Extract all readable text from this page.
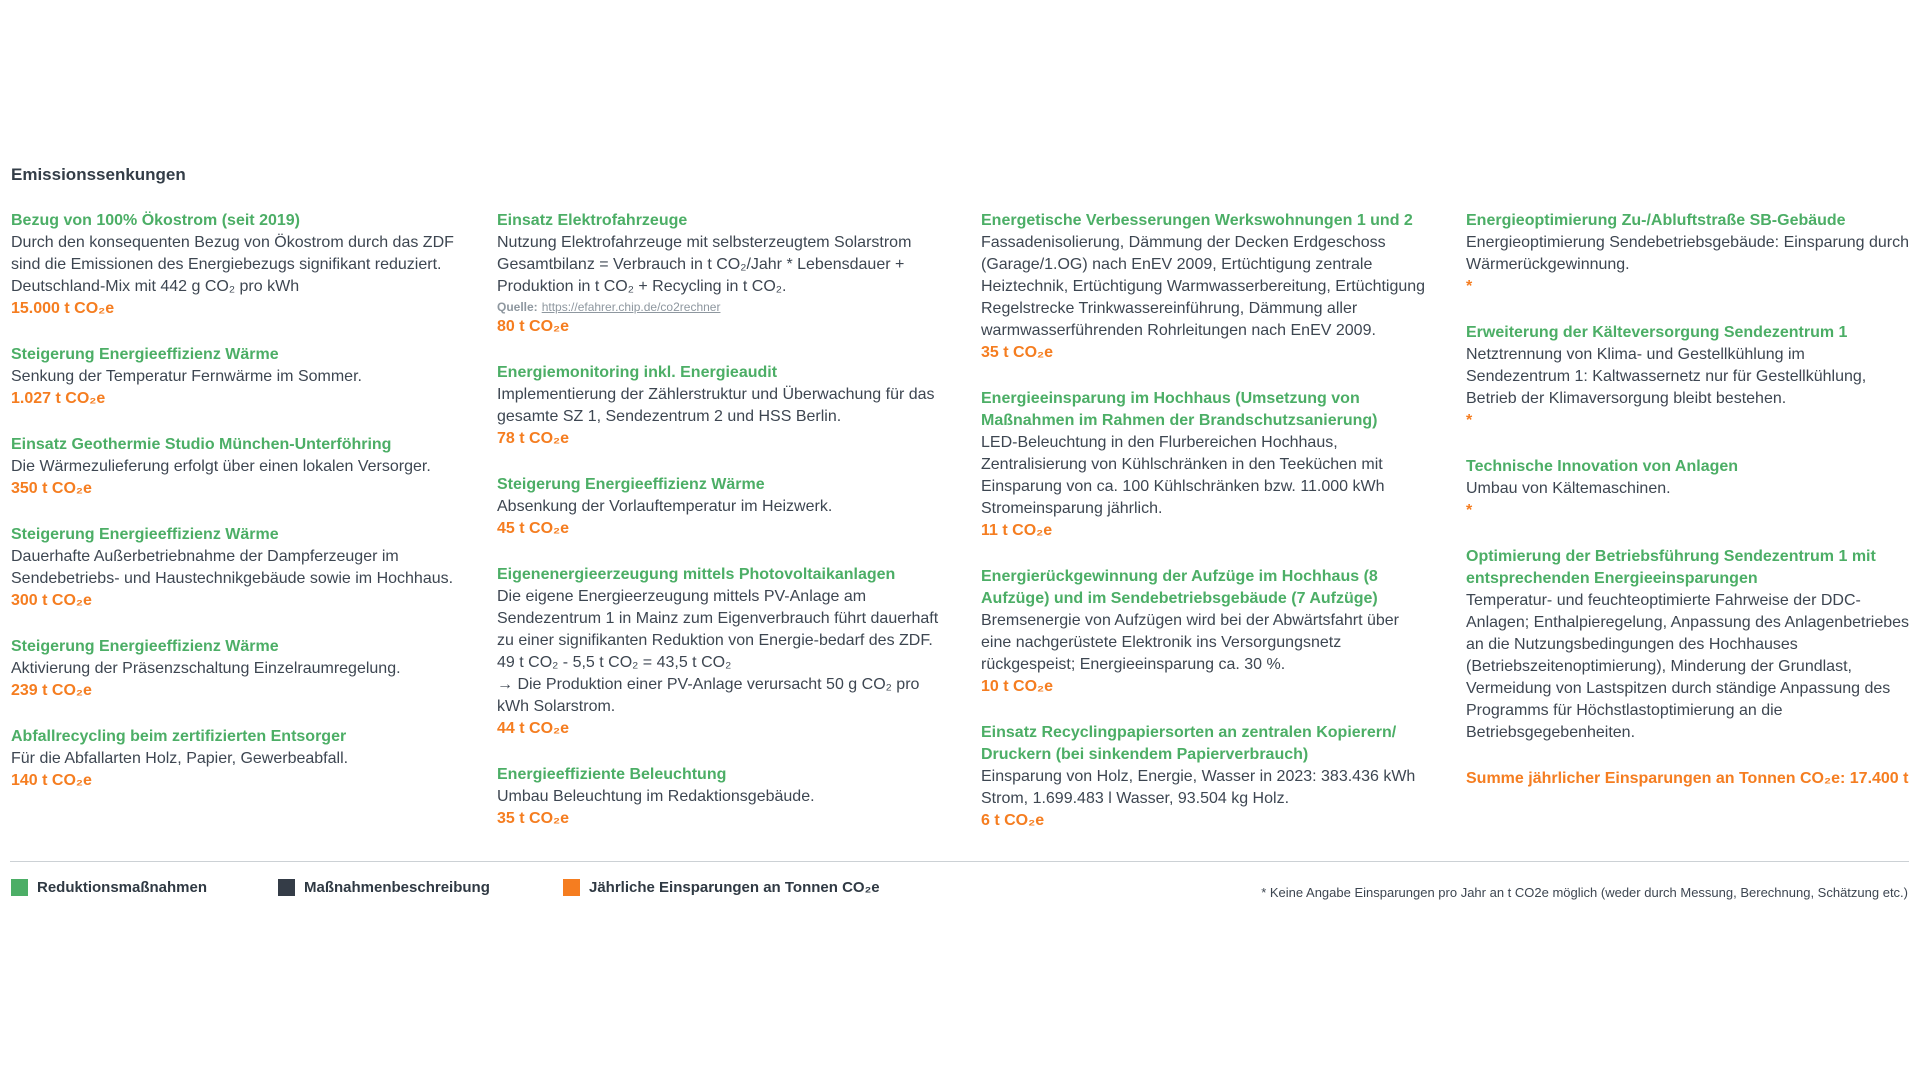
Emissionssenkungen

Bezug von 100% Ökostrom (seit 2019)

Durch den konsequenten Bezug von Ökostrom durch das ZDF sind die Emissionen des Energiebezugs signifikant reduziert. Deutschland-Mix mit 442 g CO₂ pro kWh

15.000 t CO₂e

Steigerung Energieeffizienz Wärme

Senkung der Temperatur Fernwärme im Sommer.

1.027 t CO₂e

Einsatz Geothermie Studio München-Unterföhring

Die Wärmezulieferung erfolgt über einen lokalen Versorger.

350 t CO₂e

Steigerung Energieeffizienz Wärme

Dauerhafte Außerbetriebnahme der Dampferzeuger im Sendebetriebs- und Haustechnikgebäude sowie im Hochhaus.

300 t CO₂e

Steigerung Energieeffizienz Wärme

Aktivierung der Präsenzschaltung Einzelraumregelung.

239 t CO₂e

Abfallrecycling beim zertifizierten Entsorger

Für die Abfallarten Holz, Papier, Gewerbeabfall.

140 t CO₂e

Einsatz Elektrofahrzeuge

Nutzung Elektrofahrzeuge mit selbsterzeugtem Solarstrom Gesamtbilanz = Verbrauch in t CO₂/Jahr * Lebensdauer + Produktion in t CO₂ + Recycling in t CO₂.

Quelle: https://efahrer.chip.de/co2rechner

80 t CO₂e

Energiemonitoring inkl. Energieaudit

Implementierung der Zählerstruktur und Überwachung für das gesamte SZ 1, Sendezentrum 2 und HSS Berlin.

78 t CO₂e

Steigerung Energieeffizienz Wärme

Absenkung der Vorlauftemperatur im Heizwerk.

45 t CO₂e

Eigenenergieerzeugung mittels Photovoltaikanlagen

Die eigene Energieerzeugung mittels PV-Anlage am Sendezentrum 1 in Mainz zum Eigenverbrauch führt dauerhaft zu einer signifikanten Reduktion von Energie-bedarf des ZDF. 49 t CO₂ - 5,5 t CO₂ = 43,5 t CO₂

→ Die Produktion einer PV-Anlage verursacht 50 g CO₂ pro kWh Solarstrom.

44 t CO₂e

Energieeffiziente Beleuchtung

Umbau Beleuchtung im Redaktionsgebäude.

35 t CO₂e

Energetische Verbesserungen Werkswohnungen 1 und 2

Fassadenisolierung, Dämmung der Decken Erdgeschoss (Garage/1.OG) nach EnEV 2009, Ertüchtigung zentrale Heiztechnik, Ertüchtigung Warmwasserbereitung, Ertüchtigung Regelstrecke Trinkwassereinführung, Dämmung aller warmwasserführenden Rohrleitungen nach EnEV 2009.

35 t CO₂e

Energieeinsparung im Hochhaus (Umsetzung von Maßnahmen im Rahmen der Brandschutzsanierung)

LED-Beleuchtung in den Flurbereichen Hochhaus, Zentralisierung von Kühlschränken in den Teeküchen mit Einsparung von ca. 100 Kühlschränken bzw. 11.000 kWh Stromeinsparung jährlich.

11 t CO₂e

Energierückgewinnung der Aufzüge im Hochhaus (8 Aufzüge) und im Sendebetriebsgebäude (7 Aufzüge)

Bremsenergie von Aufzügen wird bei der Abwärtsfahrt über eine nachgerüstete Elektronik ins Versorgungsnetz rückgespeist; Energieeinsparung ca. 30 %.

10 t CO₂e

Einsatz Recyclingpapiersorten an zentralen Kopierern/ Druckern (bei sinkendem Papierverbrauch)

Einsparung von Holz, Energie, Wasser in 2023: 383.436 kWh Strom, 1.699.483 l Wasser, 93.504 kg Holz.

6 t CO₂e

Energieoptimierung Zu-/Abluftstraße SB-Gebäude

Energieoptimierung Sendebetriebsgebäude: Einsparung durch Wärmerückgewinnung.

*

Erweiterung der Kälteversorgung Sendezentrum 1

Netztrennung von Klima- und Gestellkühlung im Sendezentrum 1: Kaltwassernetz nur für Gestellkühlung, Betrieb der Klimaversorgung bleibt bestehen.

*

Technische Innovation von Anlagen

Umbau von Kältemaschinen.

*

Optimierung der Betriebsführung Sendezentrum 1 mit entsprechenden Energieeinsparungen

Temperatur- und feuchteoptimierte Fahrweise der DDC-Anlagen; Enthalpieregelung, Anpassung des Anlagenbetriebes an die Nutzungsbedingungen des Hochhauses (Betriebszeitenoptimierung), Minderung der Grundlast, Vermeidung von Lastspitzen durch ständige Anpassung des Programms für Höchstlastoptimierung an die Betriebsgegebenheiten.

Summe jährlicher Einsparungen an Tonnen CO₂e: 17.400 t

Reduktionsmaßnahmen	Maßnahmenbeschreibung	Jährliche Einsparungen an Tonnen CO₂e	* Keine Angabe Einsparungen pro Jahr an t CO2e möglich (weder durch Messung, Berechnung, Schätzung etc.)
